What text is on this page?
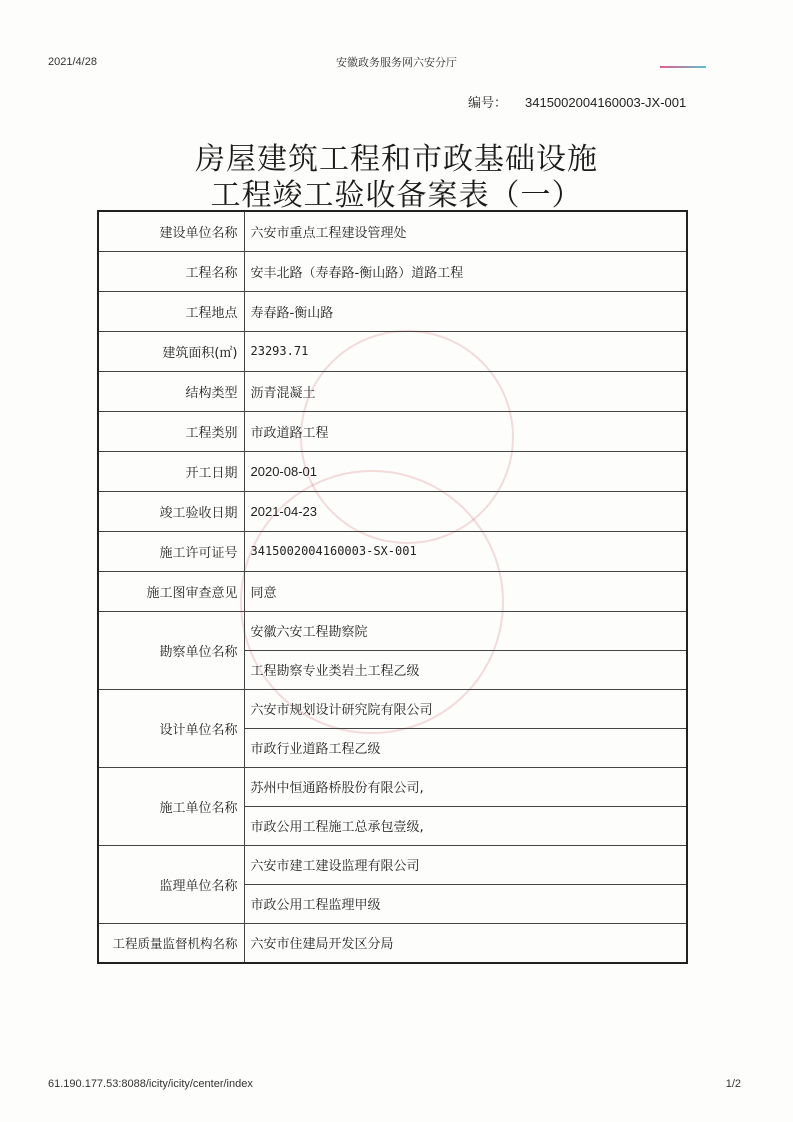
2021/4/28	安徽政务服务网六安分厅
编号： 3415002004160003-JX-001
房屋建筑工程和市政基础设施
工程竣工验收备案表（一）
建设单位名称	六安市重点工程建设管理处
工程名称	安丰北路（寿春路-衡山路）道路工程
工程地点	寿春路-衡山路
建筑面积(㎡)	23293.71
结构类型	沥青混凝土
工程类别	市政道路工程
开工日期	2020-08-01
竣工验收日期	2021-04-23
施工许可证号	3415002004160003-SX-001
施工图审查意见	同意
勘察单位名称	安徽六安工程勘察院
	工程勘察专业类岩土工程乙级
设计单位名称	六安市规划设计研究院有限公司
	市政行业道路工程乙级
施工单位名称	苏州中恒通路桥股份有限公司,
	市政公用工程施工总承包壹级,
监理单位名称	六安市建工建设监理有限公司
	市政公用工程监理甲级
工程质量监督机构名称	六安市住建局开发区分局
61.190.177.53:8088/icity/icity/center/index	1/2
